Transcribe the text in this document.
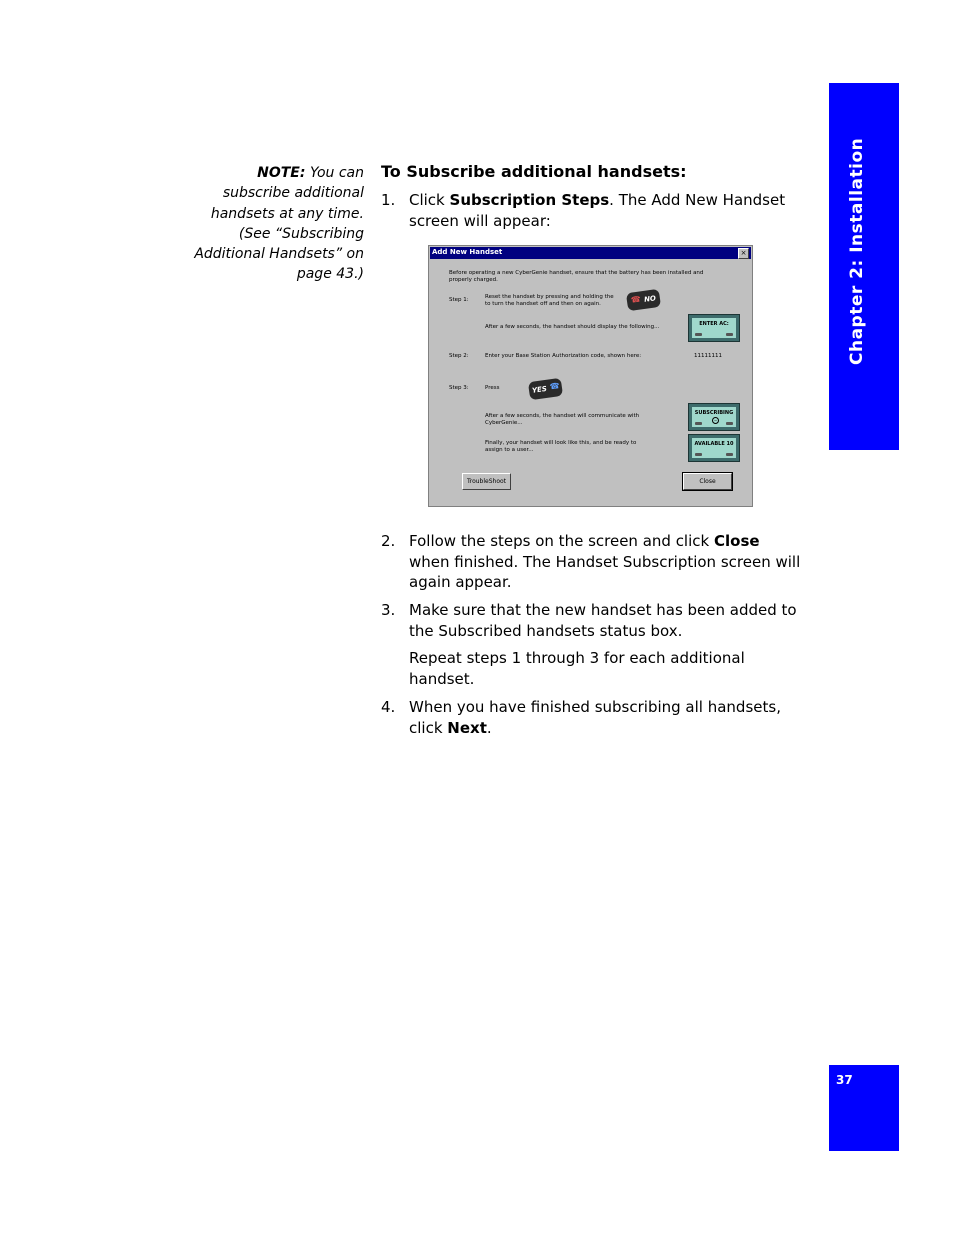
Chapter 2: Installation
NOTE: You can subscribe additional handsets at any time. (See “Subscribing Additional Handsets” on page 43.)
To Subscribe additional handsets:
1. Click Subscription Steps. The Add New Handset screen will appear:
Add New Handset	×
Before operating a new CyberGenie handset, ensure that the battery has been installed and properly charged.
Step 1:	Reset the handset by pressing and holding the to turn the handset off and then on again.	☎ NO
After a few seconds, the handset should display the following...	ENTER AC:
Step 2:	Enter your Base Station Authorization code, shown here:	11111111
Step 3:	Press	YES ☎
After a few seconds, the handset will communicate with CyberGenie...
SUBSCRIBING
−
Finally, your handset will look like this, and be ready to assign to a user...
AVAILABLE 10
TroubleShoot	Close
2. Follow the steps on the screen and click Close when finished. The Handset Subscription screen will again appear.
3. Make sure that the new handset has been added to the Subscribed handsets status box.
Repeat steps 1 through 3 for each additional handset.
4. When you have finished subscribing all handsets, click Next.
37
